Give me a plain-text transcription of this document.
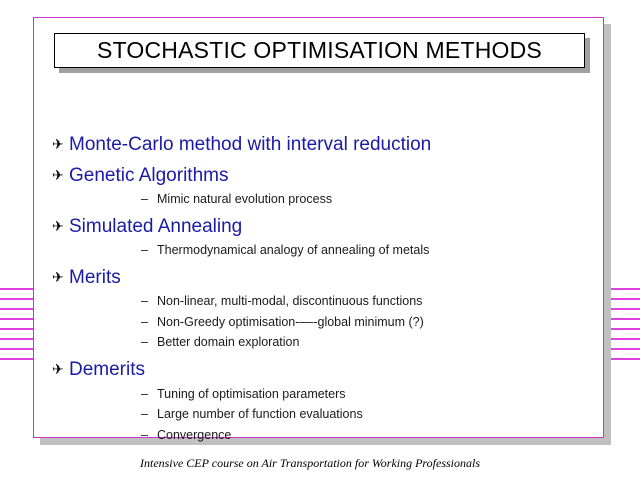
STOCHASTIC OPTIMISATION METHODS
✈ Monte-Carlo method with interval reduction
✈ Genetic Algorithms
– Mimic natural evolution process
✈ Simulated Annealing
– Thermodynamical analogy of annealing of metals
✈ Merits
– Non-linear, multi-modal, discontinuous functions
– Non-Greedy optimisation-––-global minimum (?)
– Better domain exploration
✈ Demerits
– Tuning of optimisation parameters
– Large number of function evaluations
– Convergence
Intensive CEP course on Air Transportation for Working Professionals
